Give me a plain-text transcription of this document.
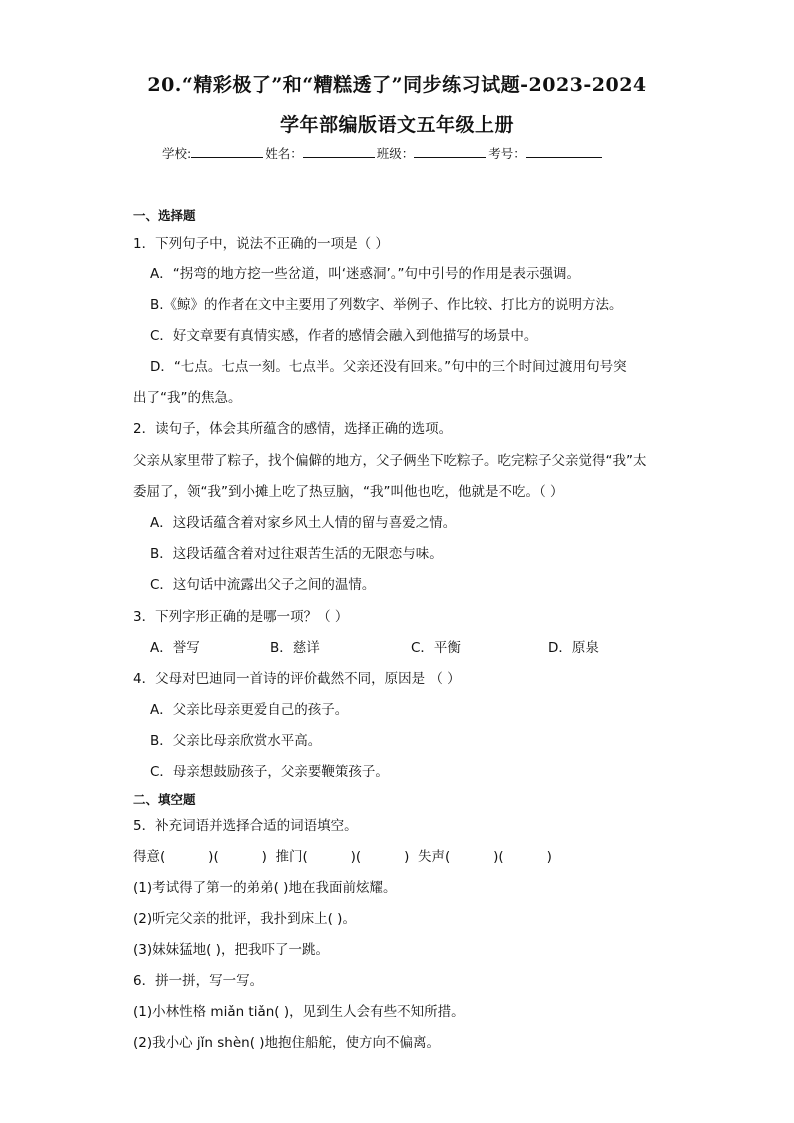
20.“精彩极了”和“糟糕透了”同步练习试题-2023-2024
学年部编版语文五年级上册
学校:	姓名：	班级：	考号：
一、选择题
1．下列句子中，说法不正确的一项是（ ）
A．“拐弯的地方挖一些岔道，叫‘迷惑洞’。”句中引号的作用是表示强调。
B.《鲸》的作者在文中主要用了列数字、举例子、作比较、打比方的说明方法。
C．好文章要有真情实感，作者的感情会融入到他描写的场景中。
D．“七点。七点一刻。七点半。父亲还没有回来。”句中的三个时间过渡用句号突
出了“我”的焦急。
2．读句子，体会其所蕴含的感情，选择正确的选项。
父亲从家里带了粽子，找个偏僻的地方，父子俩坐下吃粽子。吃完粽子父亲觉得“我”太
委屈了，领“我”到小摊上吃了热豆脑，“我”叫他也吃，他就是不吃。（ ）
A．这段话蕴含着对家乡风土人情的留与喜爱之情。
B．这段话蕴含着对过往艰苦生活的无限恋与味。
C．这句话中流露出父子之间的温情。
3．下列字形正确的是哪一项？（ ）
A．誉写	B．慈详	C．平衡	D．原泉
4．父母对巴迪同一首诗的评价截然不同，原因是 （ ）
A．父亲比母亲更爱自己的孩子。
B．父亲比母亲欣赏水平高。
C．母亲想鼓励孩子，父亲要鞭策孩子。
二、填空题
5．补充词语并选择合适的词语填空。
得意(          )(          )  推门(          )(          )  失声(          )(          )
(1)考试得了第一的弟弟( )地在我面前炫耀。
(2)听完父亲的批评，我扑到床上( )。
(3)妹妹猛地( )，把我吓了一跳。
6．拼一拼，写一写。
(1)小林性格 miǎn tiǎn( )，见到生人会有些不知所措。
(2)我小心 jǐn shèn( )地抱住船舵，使方向不偏离。
